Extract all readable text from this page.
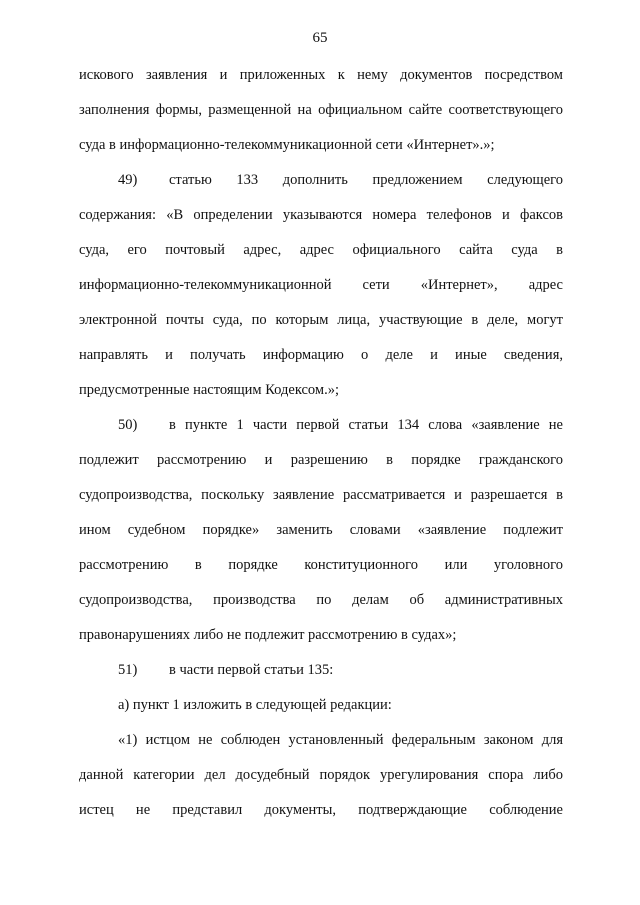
65
искового заявления и приложенных к нему документов посредством
заполнения формы, размещенной на официальном сайте соответствующего
суда в информационно-телекоммуникационной сети «Интернет».»;
49) статью 133 дополнить предложением следующего
содержания: «В определении указываются номера телефонов и факсов
суда, его почтовый адрес, адрес официального сайта суда в
информационно-телекоммуникационной сети «Интернет», адрес
электронной почты суда, по которым лица, участвующие в деле, могут
направлять и получать информацию о деле и иные сведения,
предусмотренные настоящим Кодексом.»;
50) в пункте 1 части первой статьи 134 слова «заявление не
подлежит рассмотрению и разрешению в порядке гражданского
судопроизводства, поскольку заявление рассматривается и разрешается в
ином судебном порядке» заменить словами «заявление подлежит
рассмотрению в порядке конституционного или уголовного
судопроизводства, производства по делам об административных
правонарушениях либо не подлежит рассмотрению в судах»;
51) в части первой статьи 135:
а) пункт 1 изложить в следующей редакции:
«1) истцом не соблюден установленный федеральным законом для
данной категории дел досудебный порядок урегулирования спора либо
истец не представил документы, подтверждающие соблюдение
